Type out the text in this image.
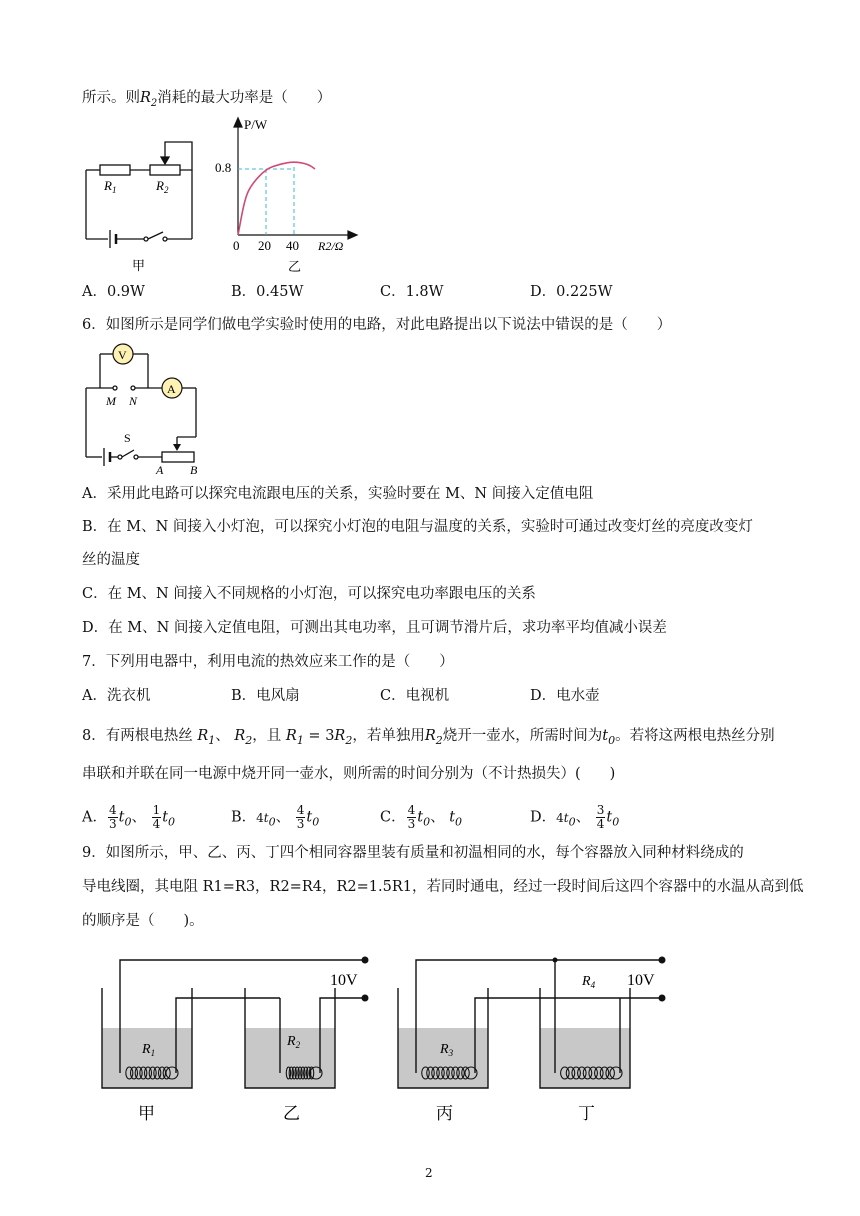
所示。则$R_2$消耗的最大功率是（　　）
$R_1$	$R_2$
甲
P/W
0.8
0 20 40 R2/Ω
乙
A．0.9W	B．0.45W	C．1.8W	D．0.225W
6．如图所示是同学们做电学实验时使用的电路，对此电路提出以下说法中错误的是（　　）
V
A
M N
S
A B
A．采用此电路可以探究电流跟电压的关系，实验时要在 M、N 间接入定值电阻
B．在 M、N 间接入小灯泡，可以探究小灯泡的电阻与温度的关系，实验时可通过改变灯丝的亮度改变灯
丝的温度
C．在 M、N 间接入不同规格的小灯泡，可以探究电功率跟电压的关系
D．在 M、N 间接入定值电阻，可测出其电功率，且可调节滑片后，求功率平均值减小误差
7．下列用电器中，利用电流的热效应来工作的是（　　）
A．洗衣机	B．电风扇	C．电视机	D．电水壶
8．有两根电热丝 $R_1$、 $R_2$，且 $R_1 = 3R_2$，若单独用$R_2$烧开一壶水，所需时间为$t_0$。若将这两根电热丝分别
串联和并联在同一电源中烧开同一壶水，则所需的时间分别为（不计热损失）(　　)
A． $\frac{4}{3} t_0$、 $\frac{1}{4} t_0$	B．$4t_0$、 $\frac{4}{3} t_0$	C． $\frac{4}{3} t_0$、 $t_0$	D．$4t_0$、 $\frac{3}{4} t_0$
9．如图所示，甲、乙、丙、丁四个相同容器里装有质量和初温相同的水，每个容器放入同种材料绕成的
导电线圈，其电阻 R1=R3，R2=R4，R2=1.5R1，若同时通电，经过一段时间后这四个容器中的水温从高到低
的顺序是（　　)。
10V	10V
$R_1$
$R_2$	$R_3$
$R_4$
甲	乙	丙	丁
2
